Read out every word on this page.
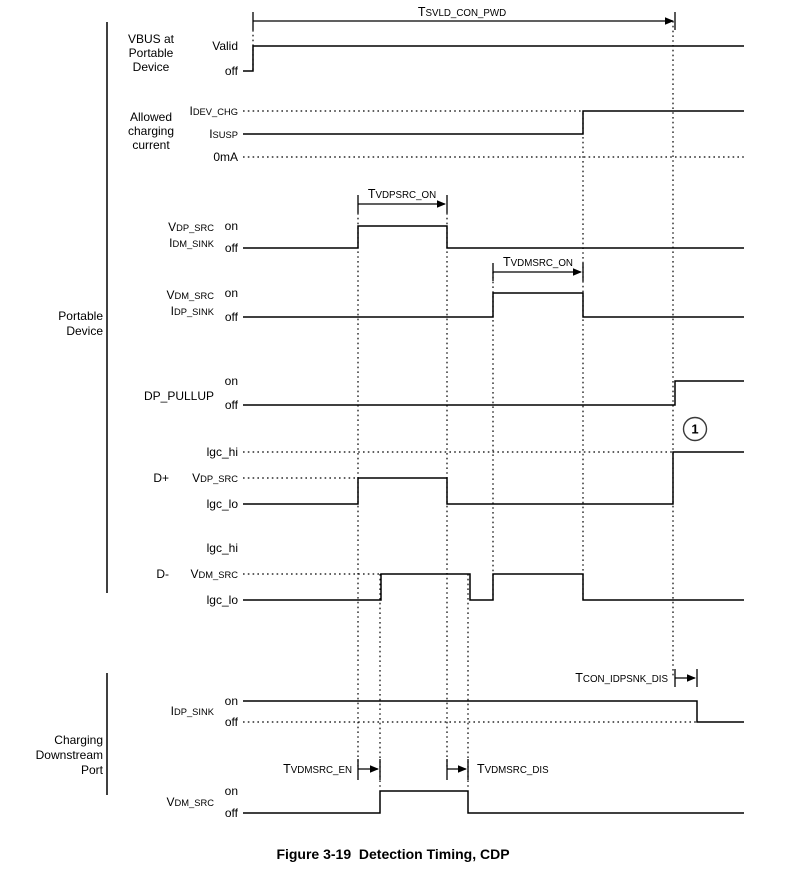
Valid
off
VBUS at
Portable
Device
IDEV_CHG
ISUSP
0mA
Allowed
charging
current
on
off
VDP_SRC
IDM_SINK
on
off
VDM_SRC
IDP_SINK
on
off
DP_PULLUP
lgc_hi
VDP_SRC
lgc_lo
D+
lgc_hi
VDM_SRC
lgc_lo
D-
on
off
IDP_SINK
on
off
VDM_SRC
TSVLD_CON_PWD
TVDPSRC_ON
TVDMSRC_ON
TCON_IDPSNK_DIS
TVDMSRC_EN	TVDMSRC_DIS
Portable
Device
Charging
Downstream
Port
1
Figure 3-19  Detection Timing, CDP
